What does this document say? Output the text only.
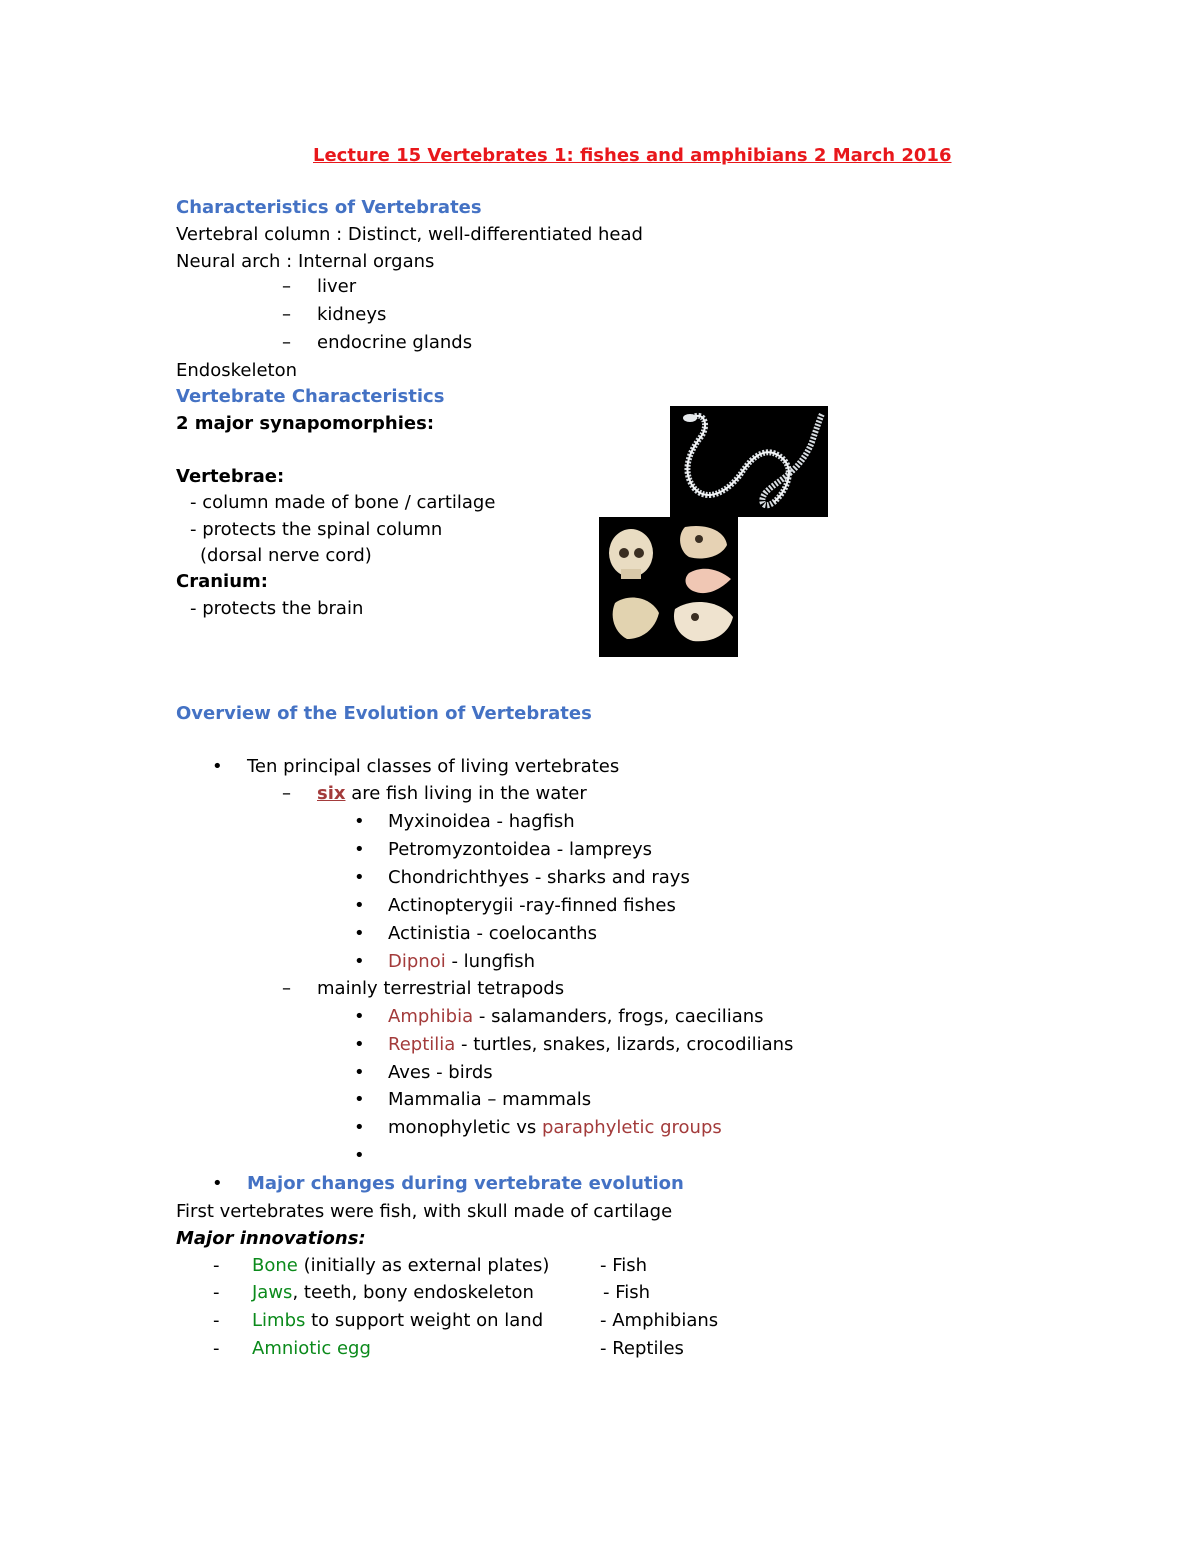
Lecture 15 Vertebrates 1: fishes and amphibians 2 March 2016
Characteristics of Vertebrates
Vertebral column : Distinct, well-differentiated head
Neural arch : Internal organs
– liver
– kidneys
– endocrine glands
Endoskeleton
Vertebrate Characteristics
2 major synapomorphies:
Vertebrae:
- column made of bone / cartilage
- protects the spinal column
(dorsal nerve cord)
Cranium:
- protects the brain
Overview of the Evolution of Vertebrates
• Ten principal classes of living vertebrates
– six are fish living in the water
• Myxinoidea - hagfish
• Petromyzontoidea - lampreys
• Chondrichthyes - sharks and rays
• Actinopterygii -ray-finned fishes
• Actinistia - coelocanths
• Dipnoi - lungfish
– mainly terrestrial tetrapods
• Amphibia - salamanders, frogs, caecilians
• Reptilia - turtles, snakes, lizards, crocodilians
• Aves - birds
• Mammalia – mammals
• monophyletic vs paraphyletic groups
•
• Major changes during vertebrate evolution
First vertebrates were fish, with skull made of cartilage
Major innovations:
- Bone (initially as external plates)	- Fish
- Jaws, teeth, bony endoskeleton	- Fish
- Limbs to support weight on land	- Amphibians
- Amniotic egg	- Reptiles
